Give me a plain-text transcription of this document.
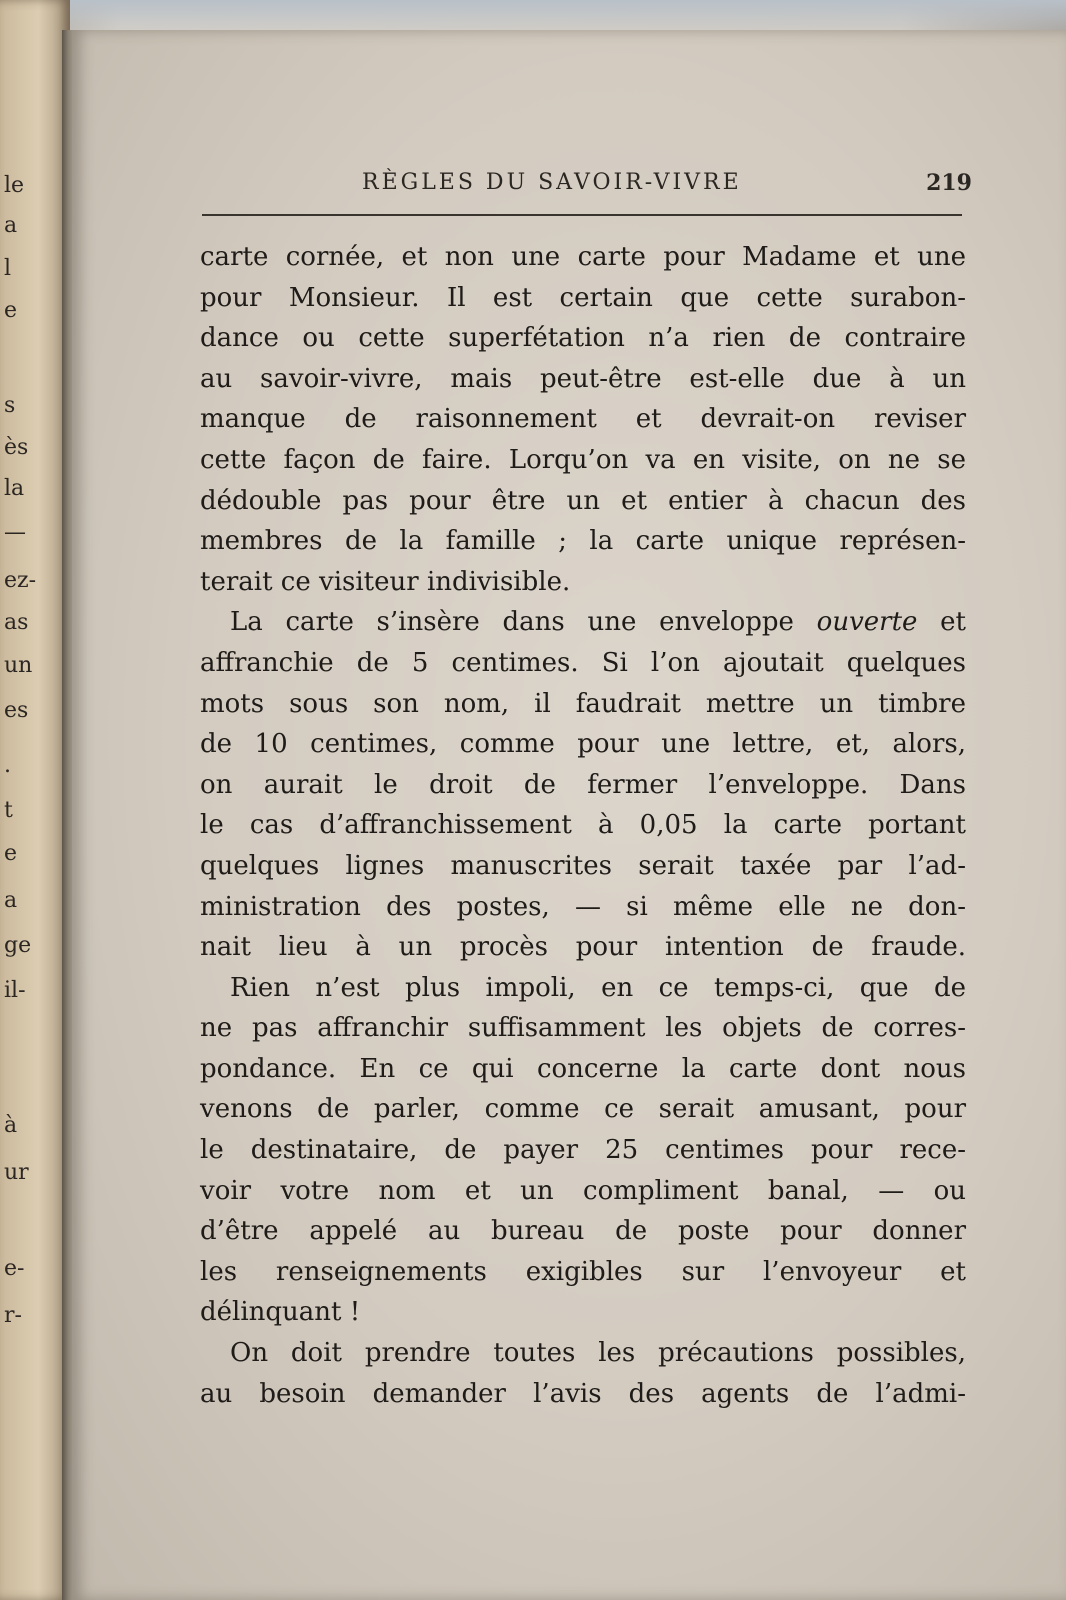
le
a
l
e
s
ès
la
—
ez-
as
un
es
.
t
e
a
ge
il-
à
ur
e-
r-
RÈGLES DU SAVOIR-VIVRE	219
carte cornée, et non une carte pour Madame et une
pour Monsieur. Il est certain que cette surabon-
dance ou cette superfétation n’a rien de contraire
au savoir-vivre, mais peut-être est-elle due à un
manque de raisonnement et devrait-on reviser
cette façon de faire. Lorqu’on va en visite, on ne se
dédouble pas pour être un et entier à chacun des
membres de la famille ; la carte unique représen-
terait ce visiteur indivisible.
La carte s’insère dans une enveloppe ouverte et
affranchie de 5 centimes. Si l’on ajoutait quelques
mots sous son nom, il faudrait mettre un timbre
de 10 centimes, comme pour une lettre, et, alors,
on aurait le droit de fermer l’enveloppe. Dans
le cas d’affranchissement à 0,05 la carte portant
quelques lignes manuscrites serait taxée par l’ad-
ministration des postes, — si même elle ne don-
nait lieu à un procès pour intention de fraude.
Rien n’est plus impoli, en ce temps-ci, que de
ne pas affranchir suffisamment les objets de corres-
pondance. En ce qui concerne la carte dont nous
venons de parler, comme ce serait amusant, pour
le destinataire, de payer 25 centimes pour rece-
voir votre nom et un compliment banal, — ou
d’être appelé au bureau de poste pour donner
les renseignements exigibles sur l’envoyeur et
délinquant !
On doit prendre toutes les précautions possibles,
au besoin demander l’avis des agents de l’admi-
